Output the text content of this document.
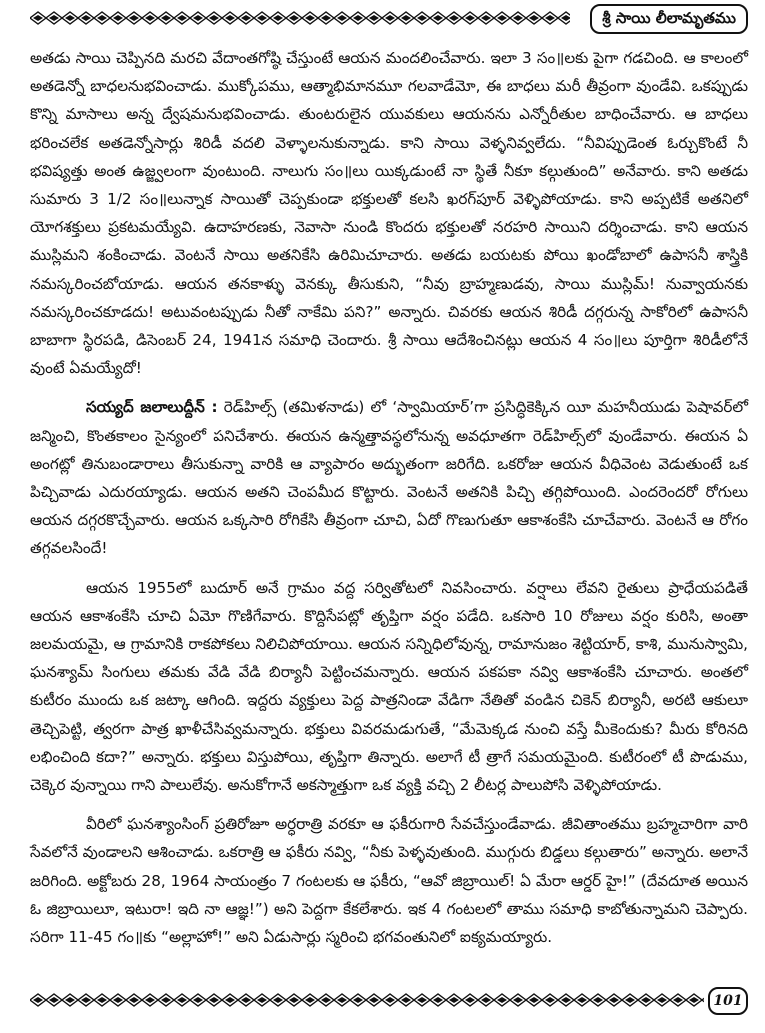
శ్రీ సాయి లీలామృతము

అతడు సాయి చెప్పినది మరచి వేదాంతగోష్ఠి చేస్తుంటే ఆయన మందలించేవారు. ఇలా 3 సం॥లకు పైగా గడచింది. ఆ కాలంలో అతడెన్నో బాధలనుభవించాడు. ముక్కోపము, ఆత్మాభిమానమూ గలవాడేమో, ఈ బాధలు మరీ తీవ్రంగా వుండేవి. ఒకప్పుడు కొన్ని మాసాలు అన్న ద్వేషమనుభవించాడు. తుంటరులైన యువకులు ఆయనను ఎన్నోరీతుల బాధించేవారు. ఆ బాధలు భరించలేక అతడెన్నోసార్లు శిరిడీ వదలి వెళ్ళాలనుకున్నాడు. కాని సాయి వెళ్ళనివ్వలేదు. “నీవిప్పుడెంత ఓర్చుకొంటే నీ భవిష్యత్తు అంత ఉజ్జ్వలంగా వుంటుంది. నాలుగు సం॥లు యిక్కడుంటే నా స్థితే నీకూ కల్గుతుంది” అనేవారు. కాని అతడు సుమారు 3 1/2 సం॥లున్నాక సాయితో చెప్పకుండా భక్తులతో కలసి ఖరగ్‌పూర్ వెళ్ళిపోయాడు. కాని అప్పటికే అతనిలో యోగశక్తులు ప్రకటమయ్యేవి. ఉదాహరణకు, నెవాసా నుండి కొందరు భక్తులతో నరహరి సాయిని దర్శించాడు. కాని ఆయన ముస్లిమని శంకించాడు. వెంటనే సాయి అతనికేసి ఉరిమిచూచారు. అతడు బయటకు పోయి ఖండోబాలో ఉపాసనీ శాస్త్రికి నమస్కరించబోయాడు. ఆయన తనకాళ్ళు వెనక్కు తీసుకుని, “నీవు బ్రాహ్మణుడవు, సాయి ముస్లిమ్! నువ్వాయనకు నమస్కరించకూడదు! అటువంటప్పుడు నీతో నాకేమి పని?” అన్నారు. చివరకు ఆయన శిరిడీ దగ్గరున్న సాకోరిలో ఉపాసనీ బాబాగా స్థిరపడి, డిసెంబర్ 24, 1941న సమాధి చెందారు. శ్రీ సాయి ఆదేశించినట్లు ఆయన 4 సం॥లు పూర్తిగా శిరిడీలోనే వుంటే ఏమయ్యేదో!

సయ్యద్ జలాలుద్దీన్ : రెడ్‌హిల్స్ (తమిళనాడు) లో ‘స్వామియార్’గా ప్రసిద్ధికెక్కిన యీ మహనీయుడు పెషావర్‌లో జన్మించి, కొంతకాలం సైన్యంలో పనిచేశారు. ఈయన ఉన్మత్తావస్థలోనున్న అవధూతగా రెడ్‌హిల్స్‌లో వుండేవారు. ఈయన ఏ అంగట్లో తినుబండారాలు తీసుకున్నా వారికి ఆ వ్యాపారం అద్భుతంగా జరిగేది. ఒకరోజు ఆయన వీధివెంట వెడుతుంటే ఒక పిచ్చివాడు ఎదురయ్యాడు. ఆయన అతని చెంపమీద కొట్టారు. వెంటనే అతనికి పిచ్చి తగ్గిపోయింది. ఎందరెందరో రోగులు ఆయన దగ్గరకొచ్చేవారు. ఆయన ఒక్కసారి రోగికేసి తీవ్రంగా చూచి, ఏదో గొణుగుతూ ఆకాశంకేసి చూచేవారు. వెంటనే ఆ రోగం తగ్గవలసిందే!

ఆయన 1955లో బుదూర్ అనే గ్రామం వద్ద సర్వితోటలో నివసించారు. వర్షాలు లేవని రైతులు ప్రాధేయపడితే ఆయన ఆకాశంకేసి చూచి ఏమో గొణిగేవారు. కొద్దిసేపట్లో తృప్తిగా వర్షం పడేది. ఒకసారి 10 రోజులు వర్షం కురిసి, అంతా జలమయమై, ఆ గ్రామానికి రాకపోకలు నిలిచిపోయాయి. ఆయన సన్నిధిలోవున్న, రామానుజం శెట్టియార్, కాశి, మునుస్వామి, ఘనశ్యామ్ సింగులు తమకు వేడి వేడి బిర్యానీ పెట్టించమన్నారు. ఆయన పకపకా నవ్వి ఆకాశంకేసి చూచారు. అంతలో కుటీరం ముందు ఒక జట్కా ఆగింది. ఇద్దరు వ్యక్తులు పెద్ద పాత్రనిండా వేడిగా నేతితో వండిన చికెన్ బిర్యానీ, అరటి ఆకులూ తెచ్చిపెట్టి, త్వరగా పాత్ర ఖాళీచేసివ్వమన్నారు. భక్తులు వివరమడుగుతే, “మేమెక్కడ నుంచి వస్తే మీకెందుకు? మీరు కోరినది లభించింది కదా?” అన్నారు. భక్తులు విస్తుపోయి, తృప్తిగా తిన్నారు. అలాగే టీ త్రాగే సమయమైంది. కుటీరంలో టీ పొడుము, చెక్కెర వున్నాయి గాని పాలులేవు. అనుకోగానే అకస్మాత్తుగా ఒక వ్యక్తి వచ్చి 2 లీటర్ల పాలుపోసి వెళ్ళిపోయాడు.

వీరిలో ఘనశ్యాంసింగ్ ప్రతిరోజూ అర్ధరాత్రి వరకూ ఆ ఫకీరుగారి సేవచేస్తుండేవాడు. జీవితాంతము బ్రహ్మచారిగా వారి సేవలోనే వుండాలని ఆశించాడు. ఒకరాత్రి ఆ ఫకీరు నవ్వి, “నీకు పెళ్ళవుతుంది. ముగ్గురు బిడ్డలు కల్గుతారు” అన్నారు. అలానే జరిగింది. అక్టోబరు 28, 1964 సాయంత్రం 7 గంటలకు ఆ ఫకీరు, “ఆవో జిబ్రాయిల్! ఏ మేరా ఆర్డర్ హై!” (దేవదూత అయిన ఓ జిబ్రాయిలూ, ఇటురా! ఇది నా ఆజ్ఞ!”) అని పెద్దగా కేకలేశారు. ఇక 4 గంటలలో తాము సమాధి కాబోతున్నామని చెప్పారు. సరిగా 11-45 గం॥కు “అల్లాహో!” అని ఏడుసార్లు స్మరించి భగవంతునిలో ఐక్యమయ్యారు.

101
